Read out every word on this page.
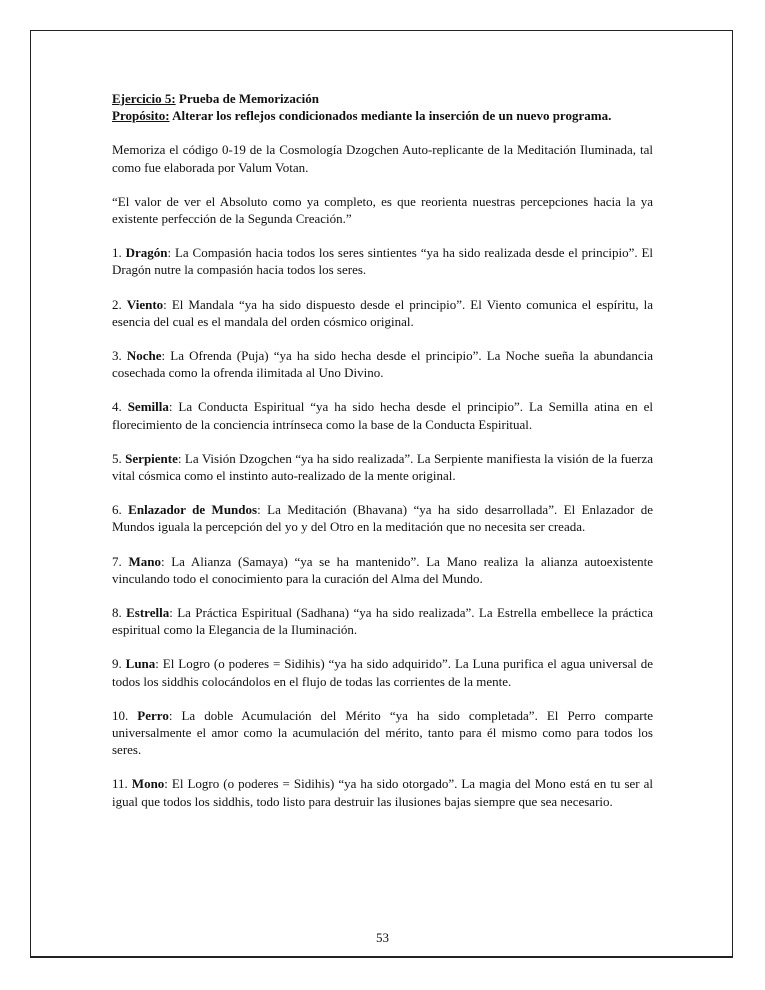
Ejercicio 5: Prueba de Memorización

Propósito: Alterar los reflejos condicionados mediante la inserción de un nuevo programa.

Memoriza el código 0-19 de la Cosmología Dzogchen Auto-replicante de la Meditación Iluminada, tal como fue elaborada por Valum Votan.

“El valor de ver el Absoluto como ya completo, es que reorienta nuestras percepciones hacia la ya existente perfección de la Segunda Creación.”

1. Dragón: La Compasión hacia todos los seres sintientes “ya ha sido realizada desde el principio”. El Dragón nutre la compasión hacia todos los seres.

2. Viento: El Mandala “ya ha sido dispuesto desde el principio”. El Viento comunica el espíritu, la esencia del cual es el mandala del orden cósmico original.

3. Noche: La Ofrenda (Puja) “ya ha sido hecha desde el principio”. La Noche sueña la abundancia cosechada como la ofrenda ilimitada al Uno Divino.

4. Semilla: La Conducta Espiritual “ya ha sido hecha desde el principio”. La Semilla atina en el florecimiento de la conciencia intrínseca como la base de la Conducta Espiritual.

5. Serpiente: La Visión Dzogchen “ya ha sido realizada”. La Serpiente manifiesta la visión de la fuerza vital cósmica como el instinto auto-realizado de la mente original.

6. Enlazador de Mundos: La Meditación (Bhavana) “ya ha sido desarrollada”. El Enlazador de Mundos iguala la percepción del yo y del Otro en la meditación que no necesita ser creada.

7. Mano: La Alianza (Samaya) “ya se ha mantenido”. La Mano realiza la alianza autoexistente vinculando todo el conocimiento para la curación del Alma del Mundo.

8. Estrella: La Práctica Espiritual (Sadhana) “ya ha sido realizada”. La Estrella embellece la práctica espiritual como la Elegancia de la Iluminación.

9. Luna: El Logro (o poderes = Sidihis) “ya ha sido adquirido”. La Luna purifica el agua universal de todos los siddhis colocándolos en el flujo de todas las corrientes de la mente.

10. Perro: La doble Acumulación del Mérito “ya ha sido completada”. El Perro comparte universalmente el amor como la acumulación del mérito, tanto para él mismo como para todos los seres.

11. Mono: El Logro (o poderes = Sidihis) “ya ha sido otorgado”. La magia del Mono está en tu ser al igual que todos los siddhis, todo listo para destruir las ilusiones bajas siempre que sea necesario.

53
